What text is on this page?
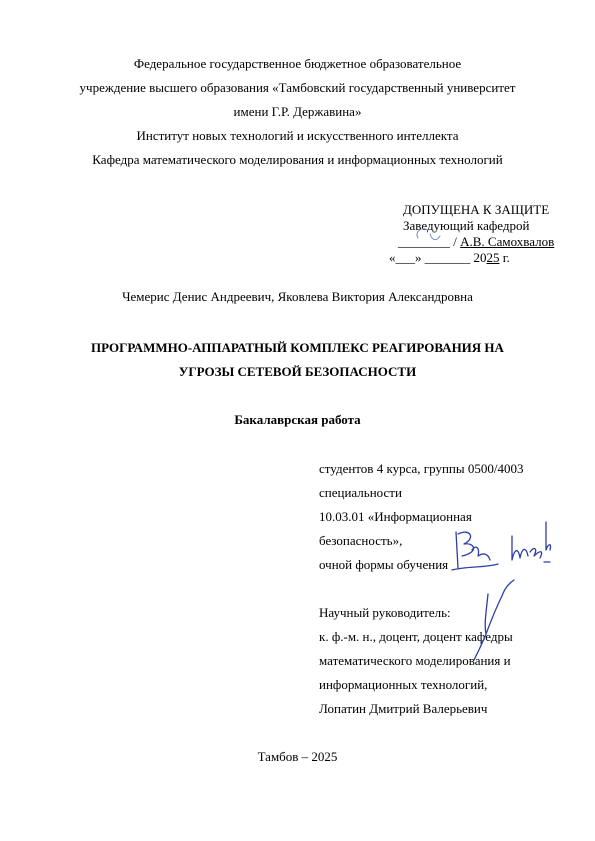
Федеральное государственное бюджетное образовательное
учреждение высшего образования «Тамбовский государственный университет
имени Г.Р. Державина»
Институт новых технологий и искусственного интеллекта
Кафедра математического моделирования и информационных технологий
ДОПУЩЕНА К ЗАЩИТЕ
Заведующий кафедрой
________ / А.В. Самохвалов
«___» _______ 2025 г.
Чемерис Денис Андреевич, Яковлева Виктория Александровна
ПРОГРАММНО-АППАРАТНЫЙ КОМПЛЕКС РЕАГИРОВАНИЯ НА
УГРОЗЫ СЕТЕВОЙ БЕЗОПАСНОСТИ
Бакалаврская работа
студентов 4 курса, группы 0500/4003
специальности
10.03.01 «Информационная
безопасность»,
очной формы обучения
Научный руководитель:
к. ф.-м. н., доцент, доцент кафедры
математического моделирования и
информационных технологий,
Лопатин Дмитрий Валерьевич
Тамбов – 2025
